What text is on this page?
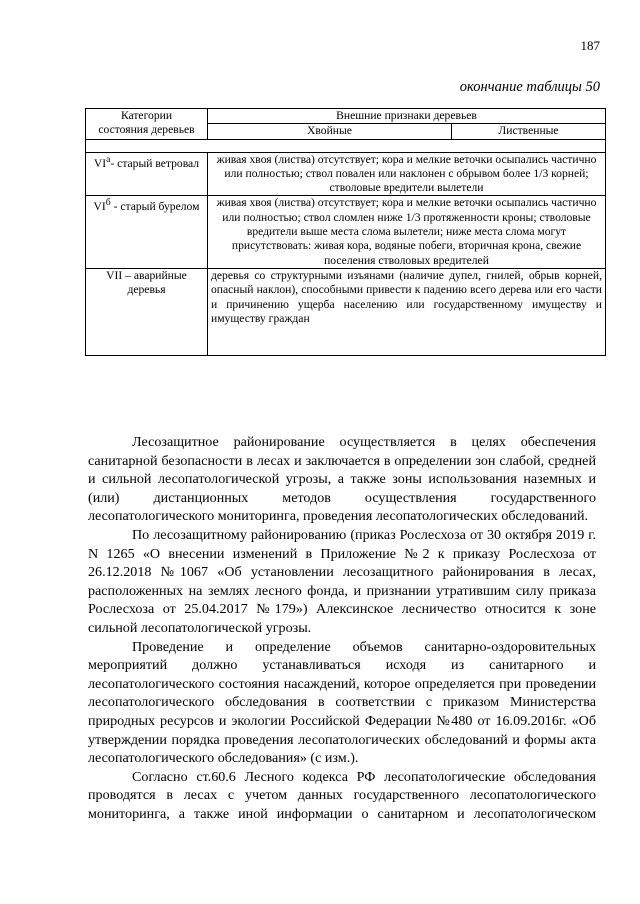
187
окончание таблицы 50
Категории
состояния деревьев	Внешние признаки деревьев	
	Хвойные	Лиственные

$VI^а-$ старый ветровал	живая хвоя (листва) отсутствует; кора и мелкие веточки осыпались частично или полностью; ствол повален или наклонен с обрывом более 1/3 корней; стволовые вредители вылетели	
$VI^б$ - старый бурелом	живая хвоя (листва) отсутствует; кора и мелкие веточки осыпались частично или полностью; ствол сломлен ниже 1/3 протяженности кроны; стволовые вредители выше места слома вылетели; ниже места слома могут присутствовать: живая кора, водяные побеги, вторичная крона, свежие поселения стволовых вредителей	
VII – аварийные деревья	деревья со структурными изъянами (наличие дупел, гнилей, обрыв корней, опасный наклон), способными привести к падению всего дерева или его части и причинению ущерба населению или государственному имуществу и имуществу граждан	

Лесозащитное районирование осуществляется в целях обеспечения санитарной безопасности в лесах и заключается в определении зон слабой, средней и сильной лесопатологической угрозы, а также зоны использования наземных и (или) дистанционных методов осуществления государственного лесопатологического мониторинга, проведения лесопатологических обследований.

По лесозащитному районированию (приказ Рослесхоза от 30 октября 2019 г. N 1265 «О внесении изменений в Приложение №2 к приказу Рослесхоза от 26.12.2018 №1067 «Об установлении лесозащитного районирования в лесах, расположенных на землях лесного фонда, и признании утратившим силу приказа Рослесхоза от 25.04.2017 №179») Алексинское лесничество относится к зоне сильной лесопатологической угрозы.

Проведение и определение объемов санитарно-оздоровительных мероприятий должно устанавливаться исходя из санитарного и лесопатологического состояния насаждений, которое определяется при проведении лесопатологического обследования в соответствии с приказом Министерства природных ресурсов и экологии Российской Федерации №480 от 16.09.2016г. «Об утверждении порядка проведения лесопатологических обследований и формы акта лесопатологического обследования» (с изм.).

Согласно ст.60.6 Лесного кодекса РФ лесопатологические обследования проводятся в лесах с учетом данных государственного лесопатологического мониторинга, а также иной информации о санитарном и лесопатологическом
